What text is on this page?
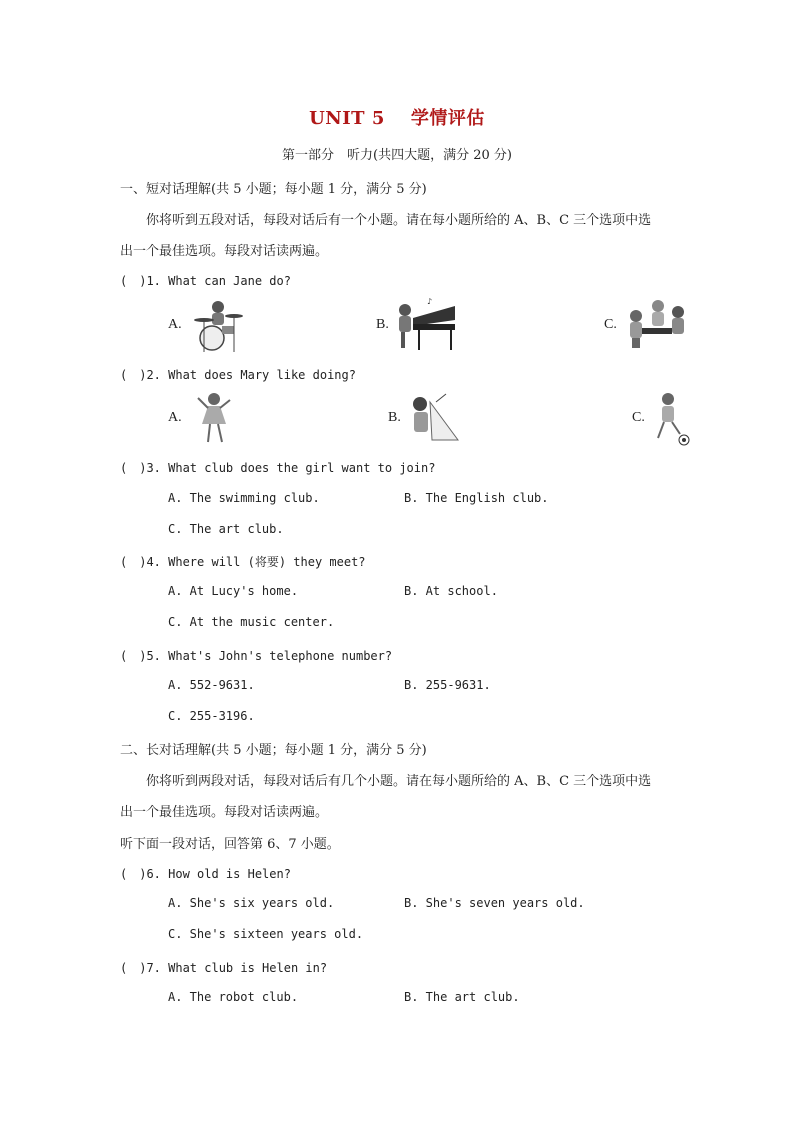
UNIT 5 学情评估
第一部分　听力(共四大题，满分 20 分)
一、短对话理解(共 5 小题；每小题 1 分，满分 5 分)
你将听到五段对话，每段对话后有一个小题。请在每小题所给的 A、B、C 三个选项中选
出一个最佳选项。每段对话读两遍。
(　)1. What can Jane do?
A.	B.
♪
C.
(　)2. What does Mary like doing?
A.	B.	C.
(　)3. What club does the girl want to join?
A. The swimming club.	B. The English club.
C. The art club.
(　)4. Where will (将要) they meet?
A. At Lucy's home.	B. At school.
C. At the music center.
(　)5. What's John's telephone number?
A. 552-9631.	B. 255-9631.
C. 255-3196.
二、长对话理解(共 5 小题；每小题 1 分，满分 5 分)
你将听到两段对话，每段对话后有几个小题。请在每小题所给的 A、B、C 三个选项中选
出一个最佳选项。每段对话读两遍。
听下面一段对话，回答第 6、7 小题。
(　)6. How old is Helen?
A. She's six years old.	B. She's seven years old.
C. She's sixteen years old.
(　)7. What club is Helen in?
A. The robot club.	B. The art club.
